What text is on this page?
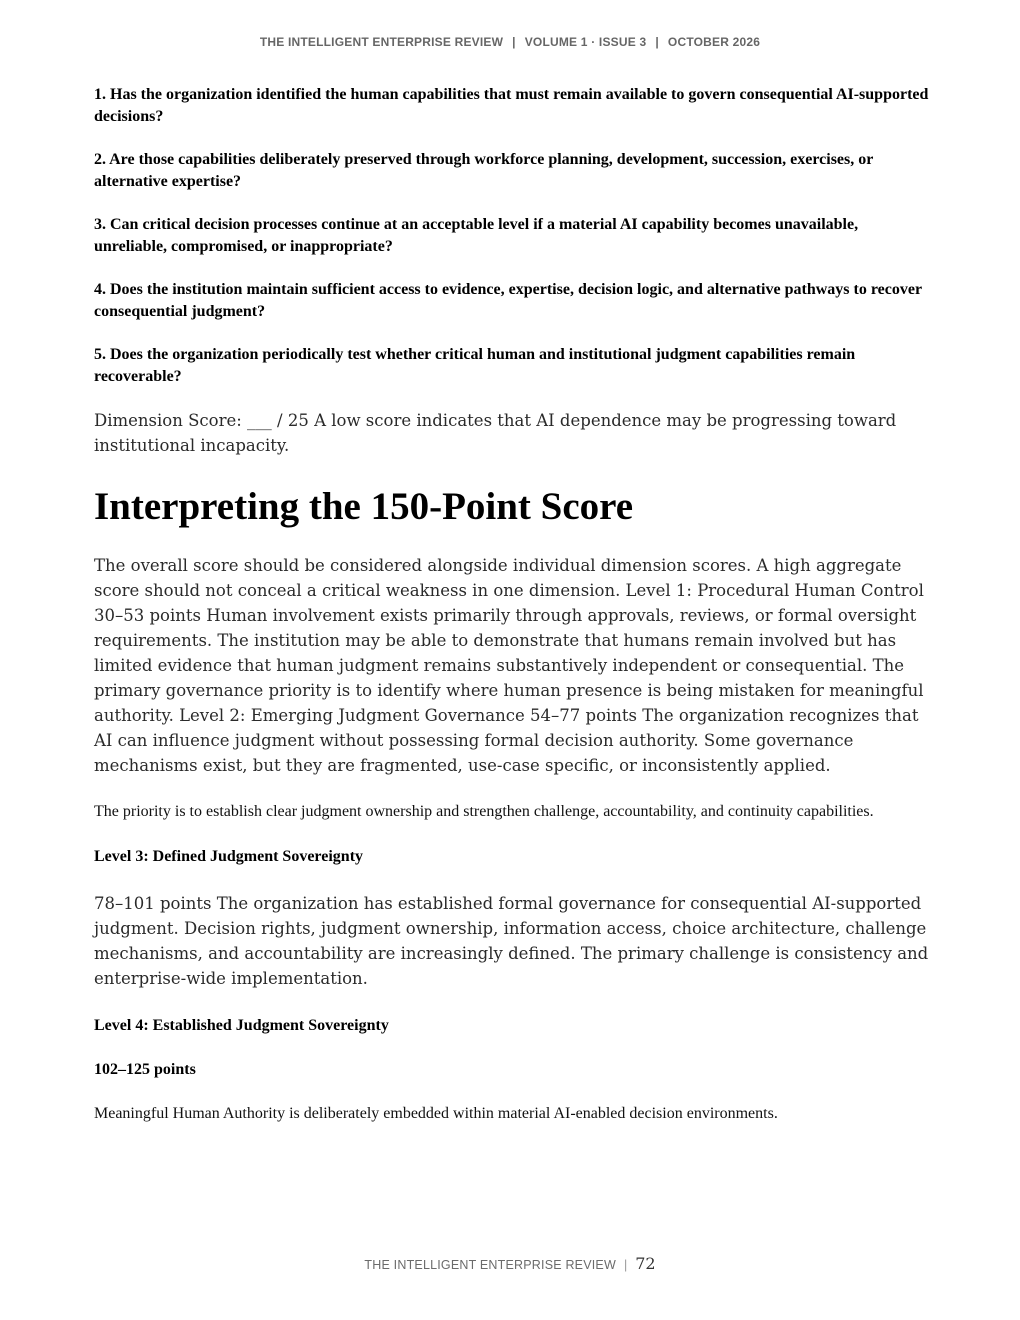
THE INTELLIGENT ENTERPRISE REVIEW | VOLUME 1 · ISSUE 3 | OCTOBER 2026

1. Has the organization identified the human capabilities that must remain available to govern consequential AI-supported decisions?

2. Are those capabilities deliberately preserved through workforce planning, development, succession, exercises, or alternative expertise?

3. Can critical decision processes continue at an acceptable level if a material AI capability becomes unavailable, unreliable, compromised, or inappropriate?

4. Does the institution maintain sufficient access to evidence, expertise, decision logic, and alternative pathways to recover consequential judgment?

5. Does the organization periodically test whether critical human and institutional judgment capabilities remain recoverable?

Dimension Score: ___ / 25 A low score indicates that AI dependence may be progressing toward institutional incapacity.

Interpreting the 150-Point Score

The overall score should be considered alongside individual dimension scores. A high aggregate score should not conceal a critical weakness in one dimension. Level 1: Procedural Human Control 30–53 points Human involvement exists primarily through approvals, reviews, or formal oversight requirements. The institution may be able to demonstrate that humans remain involved but has limited evidence that human judgment remains substantively independent or consequential. The primary governance priority is to identify where human presence is being mistaken for meaningful authority. Level 2: Emerging Judgment Governance 54–77 points The organization recognizes that AI can influence judgment without possessing formal decision authority. Some governance mechanisms exist, but they are fragmented, use-case specific, or inconsistently applied.

The priority is to establish clear judgment ownership and strengthen challenge, accountability, and continuity capabilities.

Level 3: Defined Judgment Sovereignty

78–101 points The organization has established formal governance for consequential AI-supported judgment. Decision rights, judgment ownership, information access, choice architecture, challenge mechanisms, and accountability are increasingly defined. The primary challenge is consistency and enterprise-wide implementation.

Level 4: Established Judgment Sovereignty

102–125 points

Meaningful Human Authority is deliberately embedded within material AI-enabled decision environments.

THE INTELLIGENT ENTERPRISE REVIEW | 72
